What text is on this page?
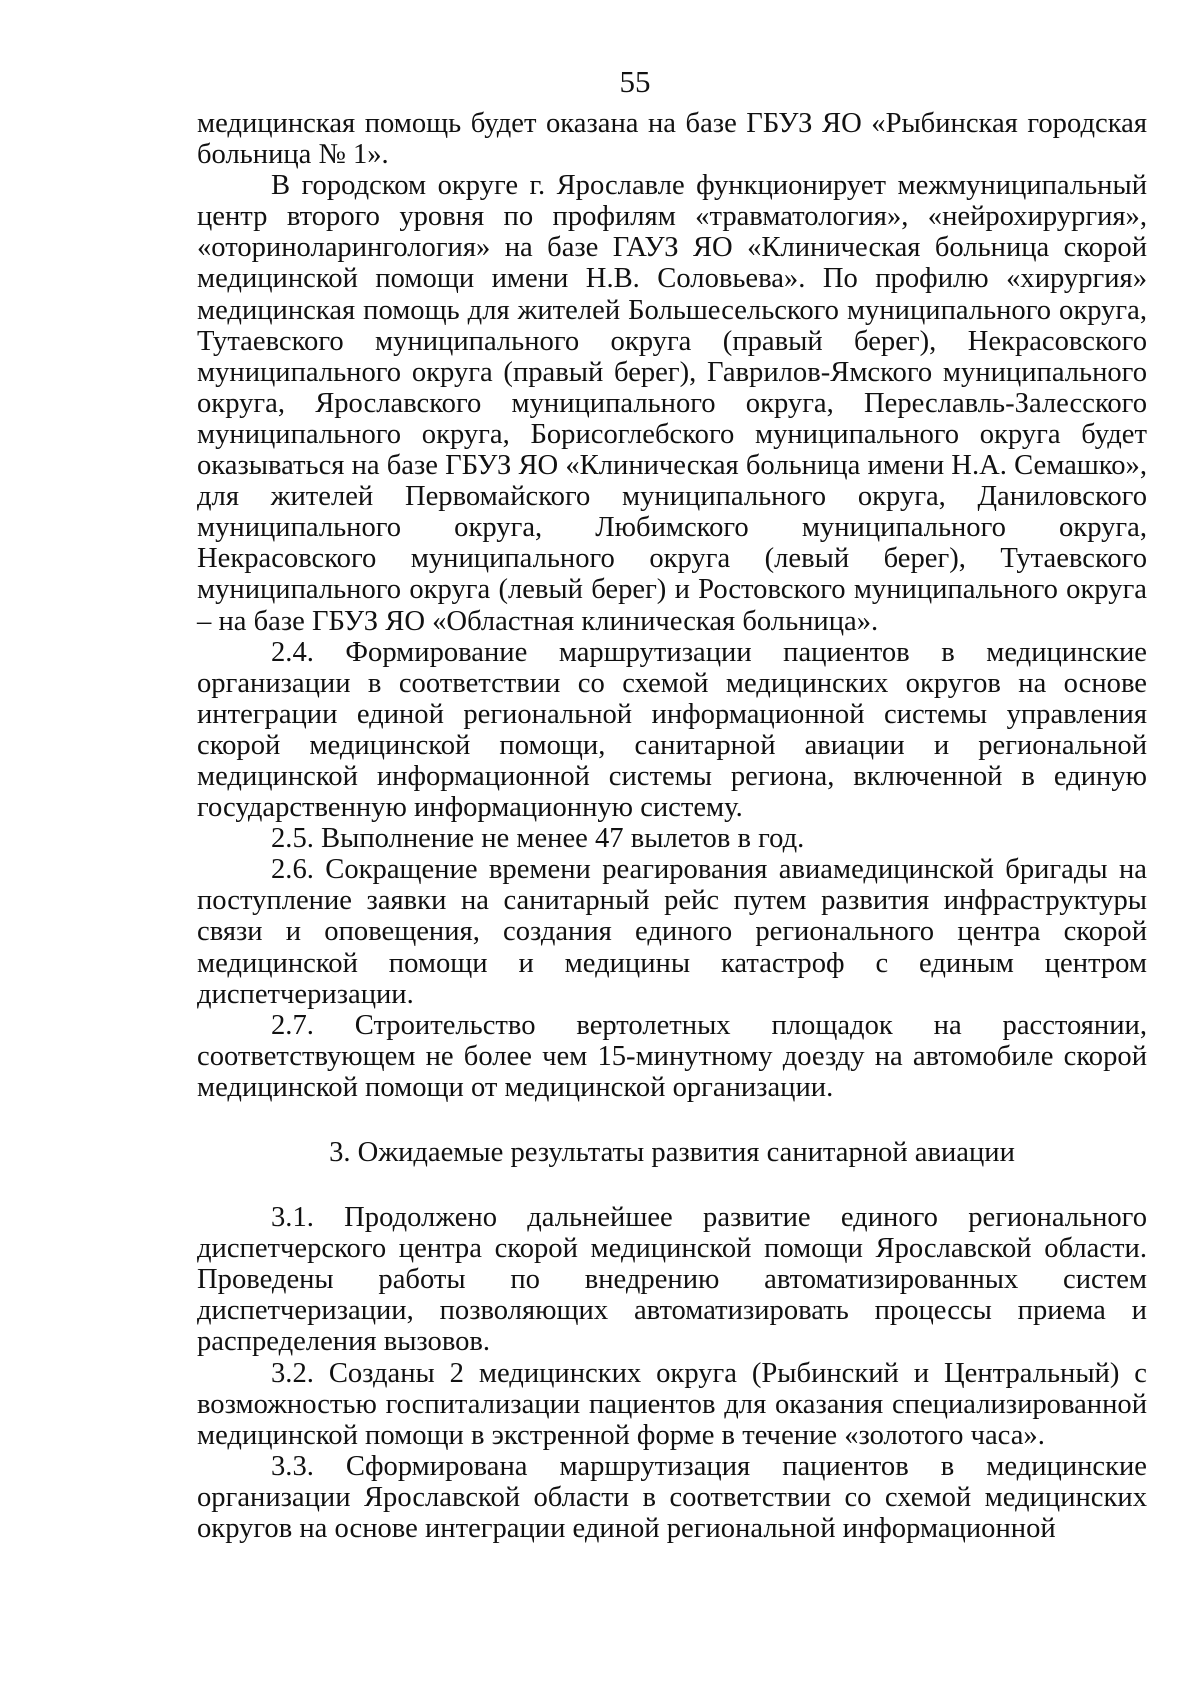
55

медицинская помощь будет оказана на базе ГБУЗ ЯО «Рыбинская городская больница № 1».

В городском округе г. Ярославле функционирует межмуниципальный центр второго уровня по профилям «травматология», «нейрохирургия», «оториноларингология» на базе ГАУЗ ЯО «Клиническая больница скорой медицинской помощи имени Н.В. Соловьева». По профилю «хирургия» медицинская помощь для жителей Большесельского муниципального округа, Тутаевского муниципального округа (правый берег), Некрасовского муниципального округа (правый берег), Гаврилов-Ямского муниципального округа, Ярославского муниципального округа, Переславль-Залесского муниципального округа, Борисоглебского муниципального округа будет оказываться на базе ГБУЗ ЯО «Клиническая больница имени Н.А. Семашко», для жителей Первомайского муниципального округа, Даниловского муниципального округа, Любимского муниципального округа, Некрасовского муниципального округа (левый берег), Тутаевского муниципального округа (левый берег) и Ростовского муниципального округа – на базе ГБУЗ ЯО «Областная клиническая больница».

2.4. Формирование маршрутизации пациентов в медицинские организации в соответствии со схемой медицинских округов на основе интеграции единой региональной информационной системы управления скорой медицинской помощи, санитарной авиации и региональной медицинской информационной системы региона, включенной в единую государственную информационную систему.

2.5. Выполнение не менее 47 вылетов в год.

2.6. Сокращение времени реагирования авиамедицинской бригады на поступление заявки на санитарный рейс путем развития инфраструктуры связи и оповещения, создания единого регионального центра скорой медицинской помощи и медицины катастроф с единым центром диспетчеризации.

2.7. Строительство вертолетных площадок на расстоянии, соответствующем не более чем 15-минутному доезду на автомобиле скорой медицинской помощи от медицинской организации.

3. Ожидаемые результаты развития санитарной авиации

3.1. Продолжено дальнейшее развитие единого регионального диспетчерского центра скорой медицинской помощи Ярославской области. Проведены работы по внедрению автоматизированных систем диспетчеризации, позволяющих автоматизировать процессы приема и распределения вызовов.

3.2. Созданы 2 медицинских округа (Рыбинский и Центральный) с возможностью госпитализации пациентов для оказания специализированной медицинской помощи в экстренной форме в течение «золотого часа».

3.3. Сформирована маршрутизация пациентов в медицинские организации Ярославской области в соответствии со схемой медицинских округов на основе интеграции единой региональной информационной
